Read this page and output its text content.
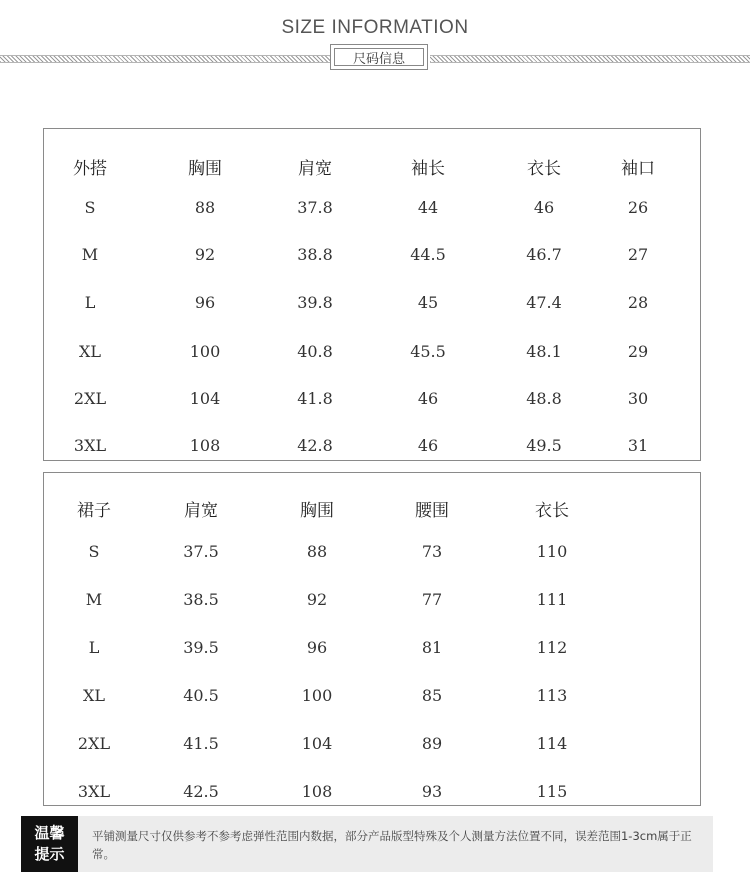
SIZE INFORMATION
尺码信息
外搭	胸围	肩宽	袖长	衣长	袖口
S	88	37.8	44	46	26
M	92	38.8	44.5	46.7	27
L	96	39.8	45	47.4	28
XL	100	40.8	45.5	48.1	29
2XL	104	41.8	46	48.8	30
3XL	108	42.8	46	49.5	31
裙子	肩宽	胸围	腰围	衣长
S	37.5	88	73	110
M	38.5	92	77	111
L	39.5	96	81	112
XL	40.5	100	85	113
2XL	41.5	104	89	114
3XL	42.5	108	93	115
温馨
提示
平铺测量尺寸仅供参考不参考虑弹性范围内数据，部分产品版型特殊及个人测量方法位置不同，误差范围1-3cm属于正常。
